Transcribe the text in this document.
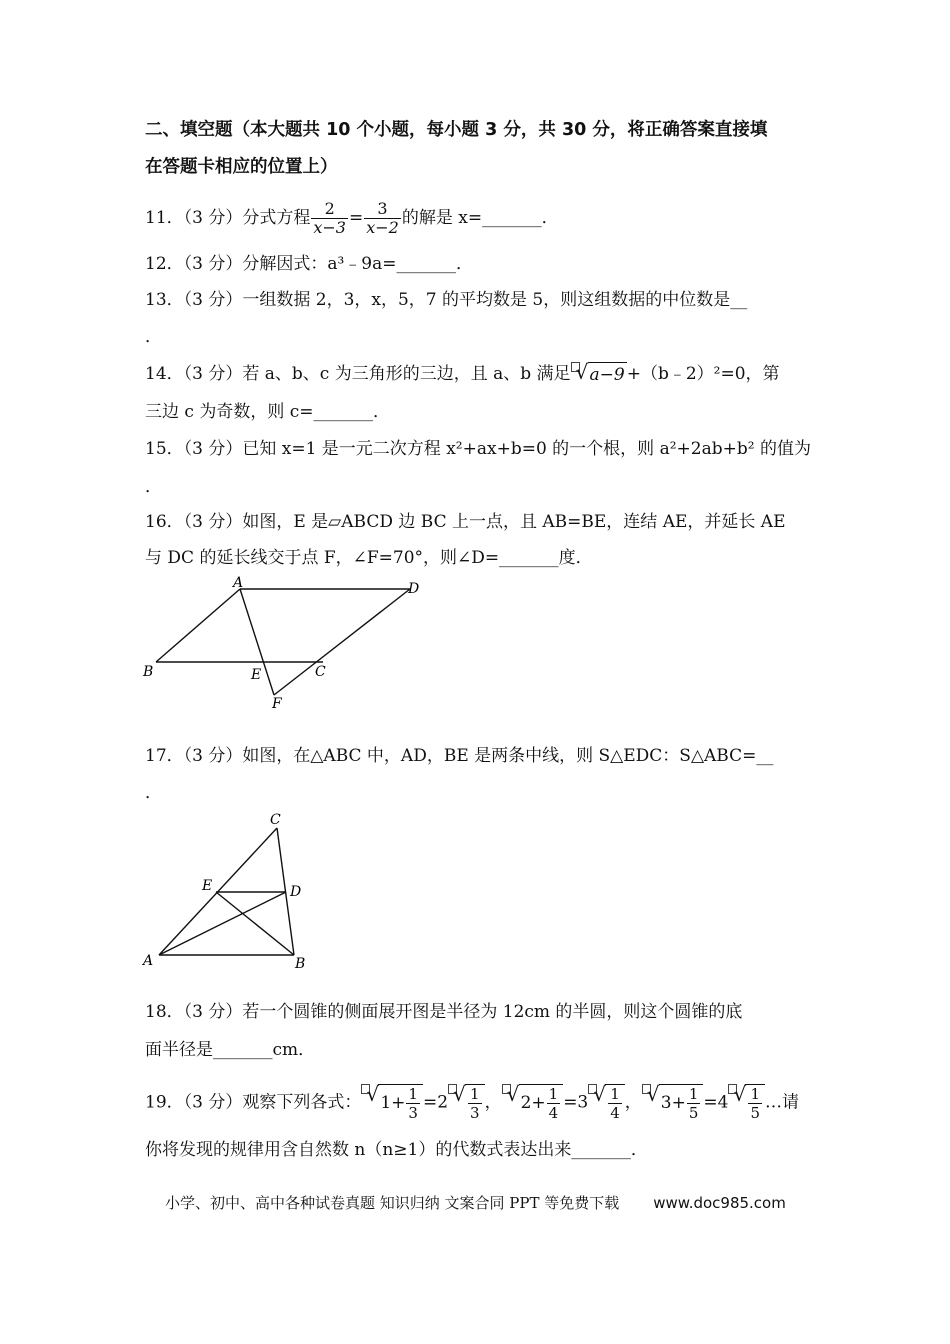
二、填空题（本大题共 10 个小题，每小题 3 分，共 30 分，将正确答案直接填
在答题卡相应的位置上）
11．（3 分）分式方程 $\frac{2}{x-3} = \frac{3}{x-2}$ 的解是 x=_______．
12．（3 分）分解因式：a³﹣9a=_______．
13．（3 分）一组数据 2，3，x，5，7 的平均数是 5，则这组数据的中位数是__
．
14．（3 分）若 a、b、c 为三角形的三边，且 a、b 满足 √ a−9 +（b﹣2）²=0，第
三边 c 为奇数，则 c=_______．
15．（3 分）已知 x=1 是一元二次方程 x²+ax+b=0 的一个根，则 a²+2ab+b² 的值为
．
16．（3 分）如图，E 是▱ABCD 边 BC 上一点，且 AB=BE，连结 AE，并延长 AE
与 DC 的延长线交于点 F，∠F=70°，则∠D=_______度．
A	D
B	E	C
F
17．（3 分）如图，在△ABC 中，AD，BE 是两条中线，则 S△EDC：S△ABC=__
．
C
E	D
A	B
18．（3 分）若一个圆锥的侧面展开图是半径为 12cm 的半圆，则这个圆锥的底
面半径是_______cm．
19．（3 分）观察下列各式： √ $1+ \frac{1}{3} =2$ √ $\frac{1}{3}$ ， √ $2+ \frac{1}{4} =3$ √ $\frac{1}{4}$ ， √ $3+ \frac{1}{5} =4$ √ $\frac{1}{5}$ …请
你将发现的规律用含自然数 n（n≥1）的代数式表达出来_______．
小学、初中、高中各种试卷真题 知识归纳 文案合同 PPT 等免费下载 www.doc985.com
